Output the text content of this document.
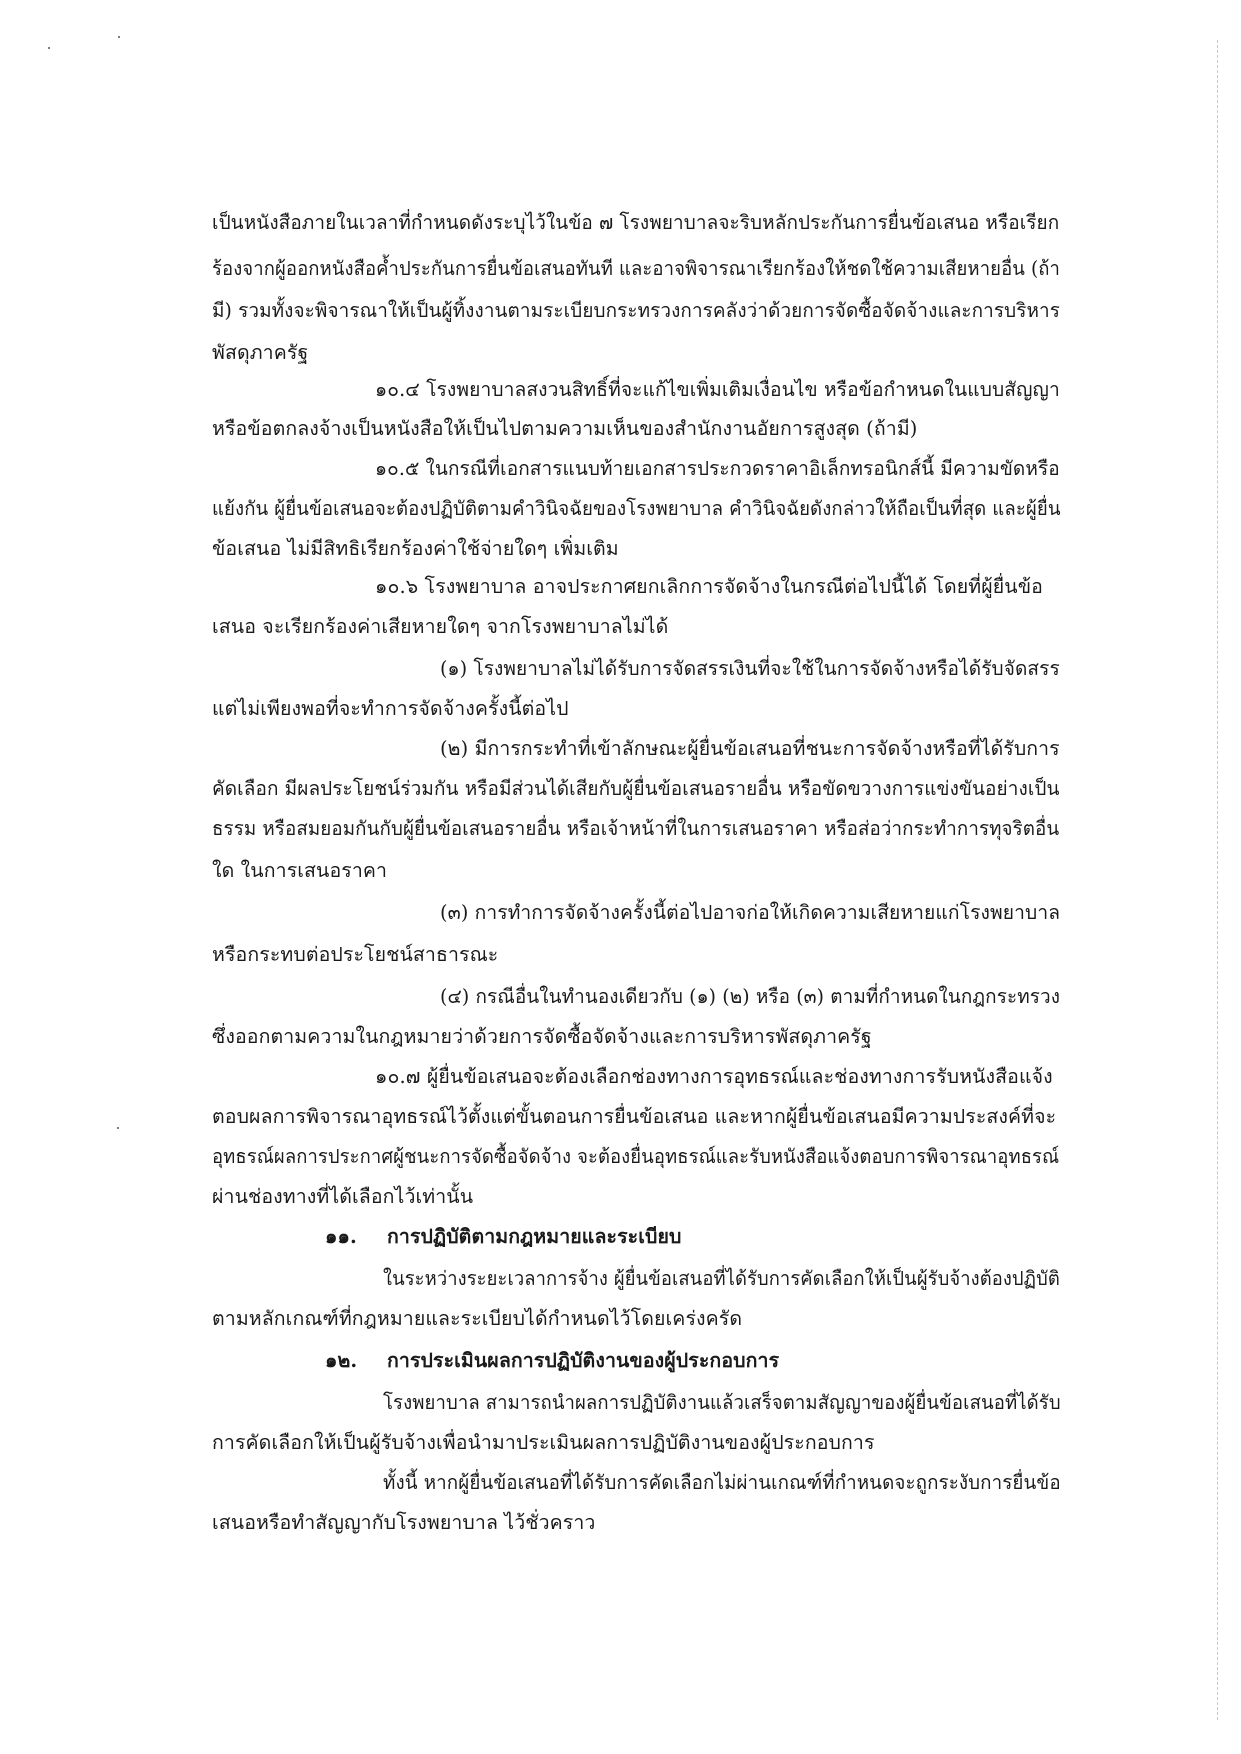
เป็นหนังสือภายในเวลาที่กำหนดดังระบุไว้ในข้อ ๗ โรงพยาบาลจะริบหลักประกันการยื่นข้อเสนอ หรือเรียก
ร้องจากผู้ออกหนังสือค้ำประกันการยื่นข้อเสนอทันที และอาจพิจารณาเรียกร้องให้ชดใช้ความเสียหายอื่น (ถ้า
มี) รวมทั้งจะพิจารณาให้เป็นผู้ทิ้งงานตามระเบียบกระทรวงการคลังว่าด้วยการจัดซื้อจัดจ้างและการบริหาร
พัสดุภาครัฐ
๑๐.๔ โรงพยาบาลสงวนสิทธิ์ที่จะแก้ไขเพิ่มเติมเงื่อนไข หรือข้อกำหนดในแบบสัญญา
หรือข้อตกลงจ้างเป็นหนังสือให้เป็นไปตามความเห็นของสำนักงานอัยการสูงสุด (ถ้ามี)
๑๐.๕ ในกรณีที่เอกสารแนบท้ายเอกสารประกวดราคาอิเล็กทรอนิกส์นี้ มีความขัดหรือ
แย้งกัน ผู้ยื่นข้อเสนอจะต้องปฏิบัติตามคำวินิจฉัยของโรงพยาบาล คำวินิจฉัยดังกล่าวให้ถือเป็นที่สุด และผู้ยื่น
ข้อเสนอ ไม่มีสิทธิเรียกร้องค่าใช้จ่ายใดๆ เพิ่มเติม
๑๐.๖ โรงพยาบาล อาจประกาศยกเลิกการจัดจ้างในกรณีต่อไปนี้ได้ โดยที่ผู้ยื่นข้อ
เสนอ จะเรียกร้องค่าเสียหายใดๆ จากโรงพยาบาลไม่ได้
(๑) โรงพยาบาลไม่ได้รับการจัดสรรเงินที่จะใช้ในการจัดจ้างหรือได้รับจัดสรร
แต่ไม่เพียงพอที่จะทำการจัดจ้างครั้งนี้ต่อไป
(๒) มีการกระทำที่เข้าลักษณะผู้ยื่นข้อเสนอที่ชนะการจัดจ้างหรือที่ได้รับการ
คัดเลือก มีผลประโยชน์ร่วมกัน หรือมีส่วนได้เสียกับผู้ยื่นข้อเสนอรายอื่น หรือขัดขวางการแข่งขันอย่างเป็น
ธรรม หรือสมยอมกันกับผู้ยื่นข้อเสนอรายอื่น หรือเจ้าหน้าที่ในการเสนอราคา หรือส่อว่ากระทำการทุจริตอื่น
ใด ในการเสนอราคา
(๓) การทำการจัดจ้างครั้งนี้ต่อไปอาจก่อให้เกิดความเสียหายแก่โรงพยาบาล
หรือกระทบต่อประโยชน์สาธารณะ
(๔) กรณีอื่นในทำนองเดียวกับ (๑) (๒) หรือ (๓) ตามที่กำหนดในกฎกระทรวง
ซึ่งออกตามความในกฎหมายว่าด้วยการจัดซื้อจัดจ้างและการบริหารพัสดุภาครัฐ
๑๐.๗ ผู้ยื่นข้อเสนอจะต้องเลือกช่องทางการอุทธรณ์และช่องทางการรับหนังสือแจ้ง
ตอบผลการพิจารณาอุทธรณ์ไว้ตั้งแต่ขั้นตอนการยื่นข้อเสนอ และหากผู้ยื่นข้อเสนอมีความประสงค์ที่จะ
อุทธรณ์ผลการประกาศผู้ชนะการจัดซื้อจัดจ้าง จะต้องยื่นอุทธรณ์และรับหนังสือแจ้งตอบการพิจารณาอุทธรณ์
ผ่านช่องทางที่ได้เลือกไว้เท่านั้น
๑๑. การปฏิบัติตามกฎหมายและระเบียบ
ในระหว่างระยะเวลาการจ้าง ผู้ยื่นข้อเสนอที่ได้รับการคัดเลือกให้เป็นผู้รับจ้างต้องปฏิบัติ
ตามหลักเกณฑ์ที่กฎหมายและระเบียบได้กำหนดไว้โดยเคร่งครัด
๑๒. การประเมินผลการปฏิบัติงานของผู้ประกอบการ
โรงพยาบาล สามารถนำผลการปฏิบัติงานแล้วเสร็จตามสัญญาของผู้ยื่นข้อเสนอที่ได้รับ
การคัดเลือกให้เป็นผู้รับจ้างเพื่อนำมาประเมินผลการปฏิบัติงานของผู้ประกอบการ
ทั้งนี้ หากผู้ยื่นข้อเสนอที่ได้รับการคัดเลือกไม่ผ่านเกณฑ์ที่กำหนดจะถูกระงับการยื่นข้อ
เสนอหรือทำสัญญากับโรงพยาบาล ไว้ชั่วคราว
